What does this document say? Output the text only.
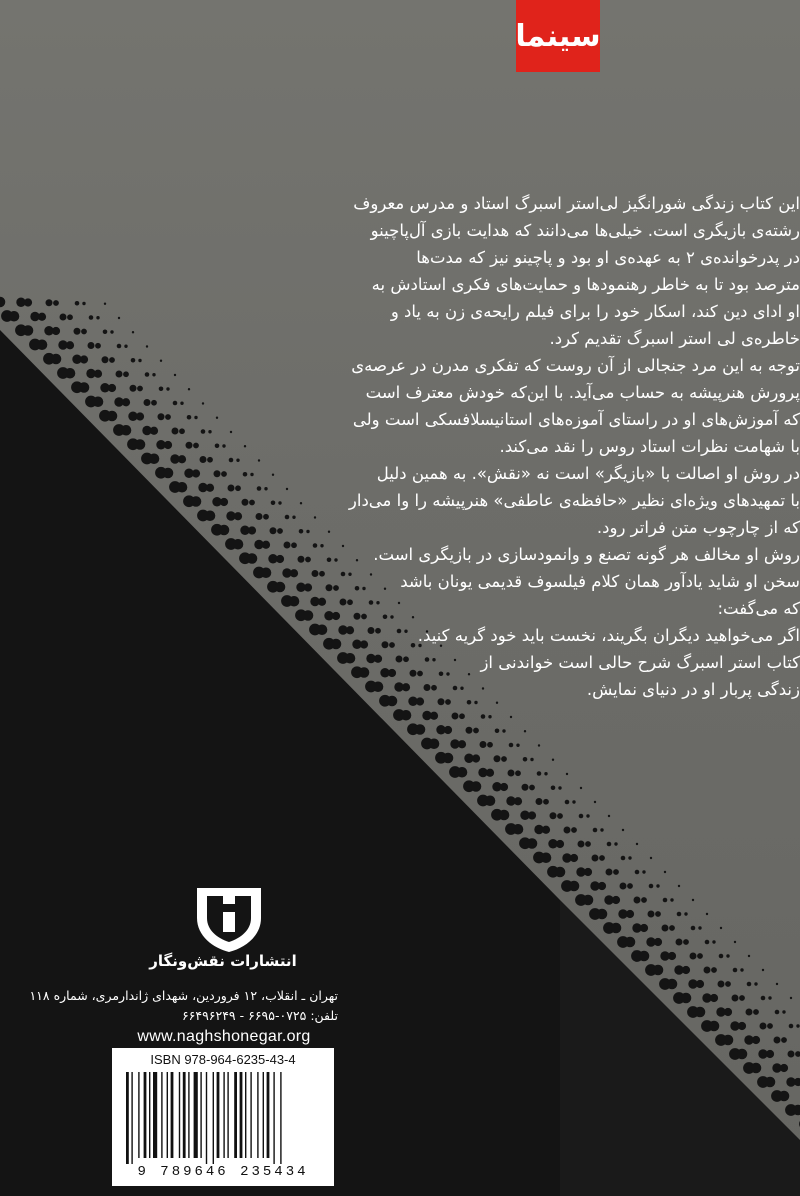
سینما

این کتاب زندگی شورانگیز لی‌استر اسبرگ استاد و مدرس معروف

رشته‌ی بازیگری است. خیلی‌ها می‌دانند که هدایت بازی آل‌پاچینو

در پدرخوانده‌ی ۲ به عهده‌ی او بود و پاچینو نیز که مدت‌ها

مترصد بود تا به خاطر رهنمودها و حمایت‌های فکری استادش به

او ادای دین کند، اسکار خود را برای فیلم رایحه‌ی زن به یاد و

خاطره‌ی لی استر اسبرگ تقدیم کرد.

توجه به این مرد جنجالی از آن روست که تفکری مدرن در عرصه‌ی

پرورش هنرپیشه به حساب می‌آید. با این‌که خودش معترف است

که آموزش‌های او در راستای آموزه‌های استانیسلافسکی است ولی

با شهامت نظرات استاد روس را نقد می‌کند.

در روش او اصالت با «بازیگر» است نه «نقش». به همین دلیل

با تمهیدهای ویژه‌ای نظیر «حافظه‌ی عاطفی» هنرپیشه را وا می‌دار

که از چارچوب متن فراتر رود.

روش او مخالف هر گونه تصنع و وانمودسازی در بازیگری است.

سخن او شاید یادآور همان کلام فیلسوف قدیمی یونان باشد

که می‌گفت:

اگر می‌خواهید دیگران بگریند، نخست باید خود گریه کنید.

کتاب استر اسبرگ شرح حالی است خواندنی از

زندگی پربار او در دنیای نمایش.

انتشارات نقش‌ونگار

تهران ـ انقلاب، ۱۲ فروردین، شهدای ژاندارمری، شماره ۱۱۸

تلفن: ۰۷۲۵-۶۶۹۵ - ۶۶۴۹۶۲۴۹

www.naghshonegar.org
ISBN 978-964-6235-43-4
9 789646 235434
